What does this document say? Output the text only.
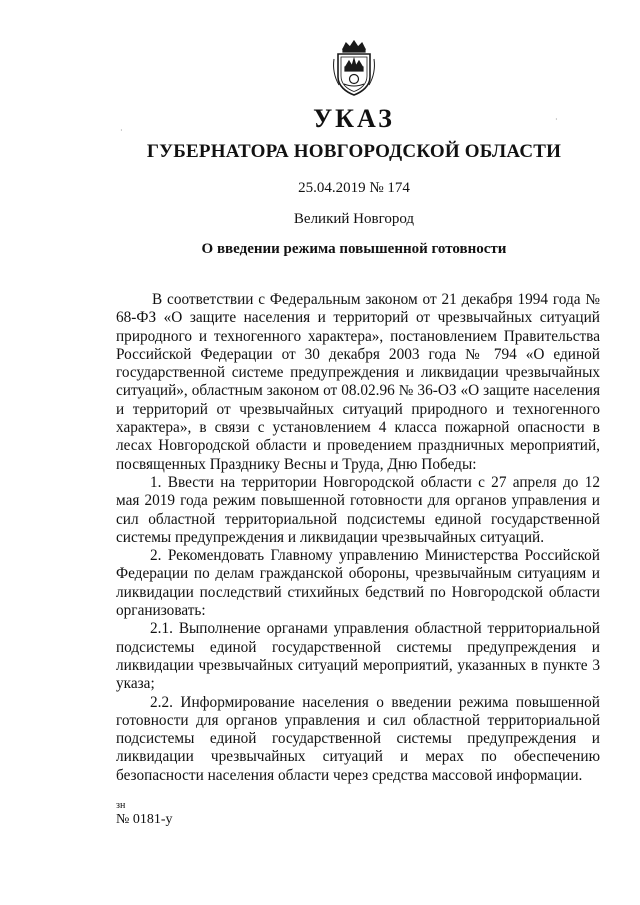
УКАЗ
ГУБЕРНАТОРА НОВГОРОДСКОЙ ОБЛАСТИ
25.04.2019 № 174
Великий Новгород
О введении режима повышенной готовности

В соответствии с Федеральным законом от 21 декабря 1994 года № 68-ФЗ «О защите населения и территорий от чрезвычайных ситуаций природного и техногенного характера», постановлением Правительства Российской Федерации от 30 декабря 2003 года № 794 «О единой государственной системе предупреждения и ликвидации чрезвычайных ситуаций», областным законом от 08.02.96 № 36-ОЗ «О защите населения и территорий от чрезвычайных ситуаций природного и техногенного характера», в связи с установлением 4 класса пожарной опасности в лесах Новгородской области и проведением праздничных мероприятий, посвященных Празднику Весны и Труда, Дню Победы:

1. Ввести на территории Новгородской области с 27 апреля до 12 мая 2019 года режим повышенной готовности для органов управления и сил областной территориальной подсистемы единой государственной системы предупреждения и ликвидации чрезвычайных ситуаций.

2. Рекомендовать Главному управлению Министерства Российской Федерации по делам гражданской обороны, чрезвычайным ситуациям и ликвидации последствий стихийных бедствий по Новгородской области организовать:

2.1. Выполнение органами управления областной территориальной подсистемы единой государственной системы предупреждения и ликвидации чрезвычайных ситуаций мероприятий, указанных в пункте 3 указа;

2.2. Информирование населения о введении режима повышенной готовности для органов управления и сил областной территориальной подсистемы единой государственной системы предупреждения и ликвидации чрезвычайных ситуаций и мерах по обеспечению безопасности населения области через средства массовой информации.

зн
№ 0181-у
·
·
